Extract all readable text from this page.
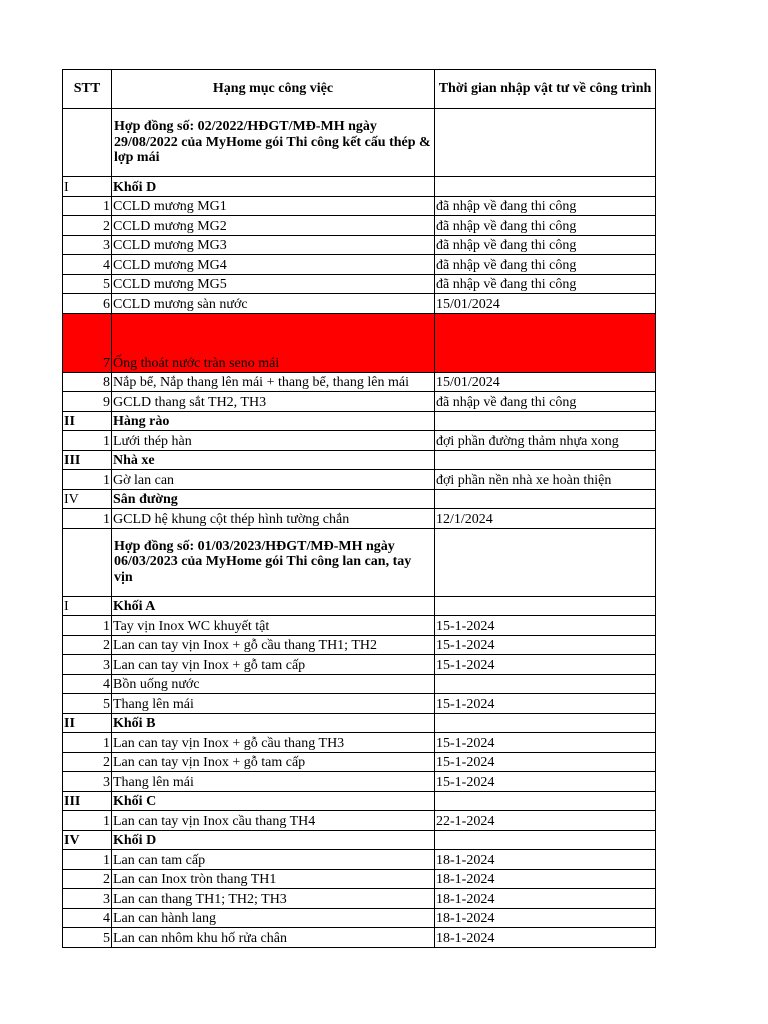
STT	Hạng mục công việc	Thời gian nhập vật tư về công trình
	Hợp đồng số: 02/2022/HĐGT/MĐ-MH ngày 29/08/2022 của MyHome gói Thi công kết cấu thép & lợp mái	
I	Khối D	
1	CCLD mương MG1	đã nhập về đang thi công
2	CCLD mương MG2	đã nhập về đang thi công
3	CCLD mương MG3	đã nhập về đang thi công
4	CCLD mương MG4	đã nhập về đang thi công
5	CCLD mương MG5	đã nhập về đang thi công
6	CCLD mương sàn nước	15/01/2024
7	Ống thoát nước tràn seno mái	
8	Nắp bể, Nắp thang lên mái + thang bể, thang lên mái	15/01/2024
9	GCLD thang sắt TH2, TH3	đã nhập về đang thi công
II	Hàng rào	
1	Lưới thép hàn	đợi phần đường thảm nhựa xong
III	Nhà xe	
1	Gờ lan can	đợi phần nền nhà xe hoàn thiện
IV	Sân đường	
1	GCLD hệ khung cột thép hình tường chắn	12/1/2024
	Hợp đồng số: 01/03/2023/HĐGT/MĐ-MH ngày 06/03/2023 của MyHome gói Thi công lan can, tay vịn	
I	Khối A	
1	Tay vịn Inox WC khuyết tật	15-1-2024
2	Lan can tay vịn Inox + gỗ cầu thang TH1; TH2	15-1-2024
3	Lan can tay vịn Inox + gỗ tam cấp	15-1-2024
4	Bồn uống nước	
5	Thang lên mái	15-1-2024
II	Khối B	
1	Lan can tay vịn Inox + gỗ cầu thang TH3	15-1-2024
2	Lan can tay vịn Inox + gỗ tam cấp	15-1-2024
3	Thang lên mái	15-1-2024
III	Khối C	
1	Lan can tay vịn Inox cầu thang TH4	22-1-2024
IV	Khối D	
1	Lan can tam cấp	18-1-2024
2	Lan can Inox tròn thang TH1	18-1-2024
3	Lan can thang TH1; TH2; TH3	18-1-2024
4	Lan can hành lang	18-1-2024
5	Lan can nhôm khu hố rửa chân	18-1-2024
